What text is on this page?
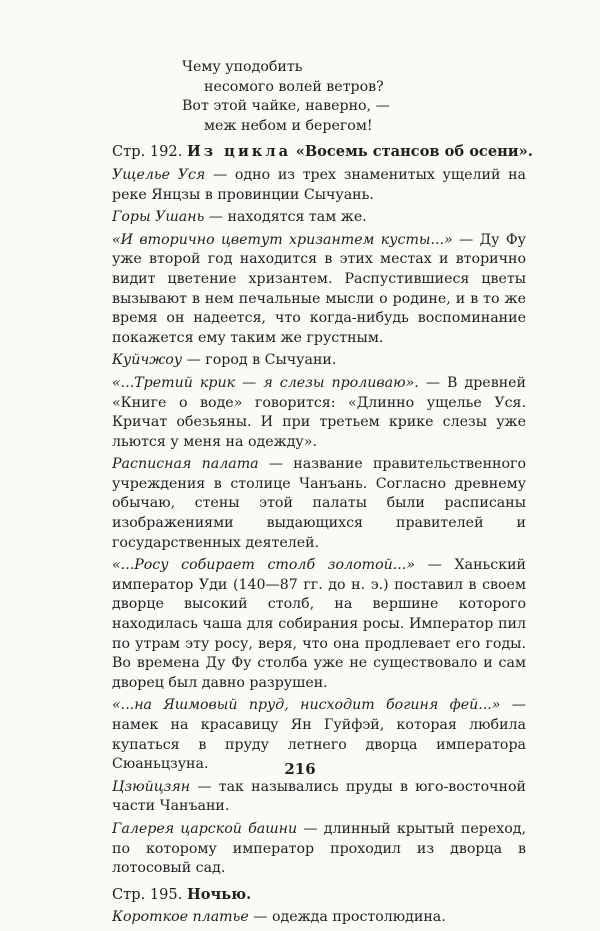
Чему уподобить
несомого волей ветров?
Вот этой чайке, наверно, —
меж небом и берегом!
Стр. 192. Из цикла «Восемь стансов об осени».

Ущелье Уся — одно из трех знаменитых ущелий на реке Янцзы в провинции Сычуань.

Горы Ушань — находятся там же.

«И вторично цветут хризантем кусты...» — Ду Фу уже второй год находится в этих местах и вторично видит цветение хризантем. Распустившиеся цветы вызывают в нем печальные мысли о родине, и в то же время он надеется, что когда-нибудь воспоминание покажется ему таким же грустным.

Куйчжоу — город в Сычуани.

«...Третий крик — я слезы проливаю». — В древней «Книге о воде» говорится: «Длинно ущелье Уся. Кричат обезьяны. И при третьем крике слезы уже льются у меня на одежду».

Расписная палата — название правительственного учреждения в столице Чанъань. Согласно древнему обычаю, стены этой палаты были расписаны изображениями выдающихся правителей и государственных деятелей.

«...Росу собирает столб золотой...» — Ханьский император Уди (140—87 гг. до н. э.) поставил в своем дворце высокий столб, на вершине которого находилась чаша для собирания росы. Император пил по утрам эту росу, веря, что она продлевает его годы. Во времена Ду Фу столба уже не существовало и сам дворец был давно разрушен.

«...на Яшмовый пруд, нисходит богиня фей...» — намек на красавицу Ян Гуйфэй, которая любила купаться в пруду летнего дворца императора Сюаньцзуна.

Цзюйцзян — так назывались пруды в юго-восточной части Чанъани.

Галерея царской башни — длинный крытый переход, по которому император проходил из дворца в лотосовый сад.

Стр. 195. Ночью.

Короткое платье — одежда простолюдина.

216
